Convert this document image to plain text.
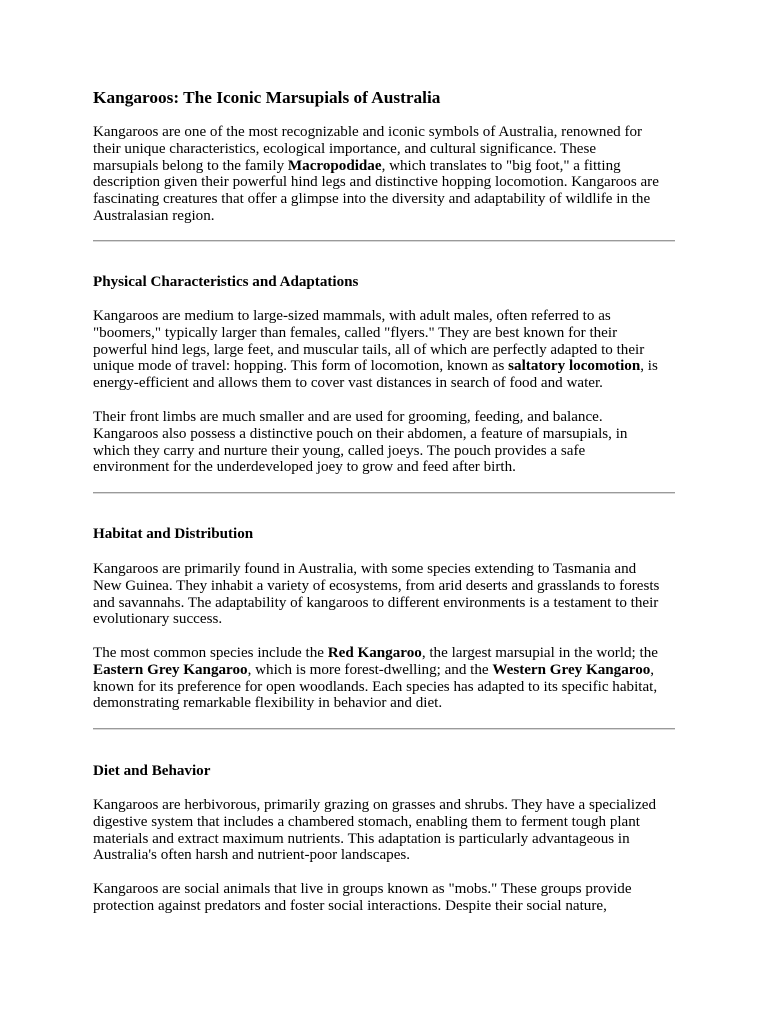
Kangaroos: The Iconic Marsupials of Australia

Kangaroos are one of the most recognizable and iconic symbols of Australia, renowned for
their unique characteristics, ecological importance, and cultural significance. These
marsupials belong to the family Macropodidae, which translates to "big foot," a fitting
description given their powerful hind legs and distinctive hopping locomotion. Kangaroos are
fascinating creatures that offer a glimpse into the diversity and adaptability of wildlife in the
Australasian region.

Physical Characteristics and Adaptations

Kangaroos are medium to large-sized mammals, with adult males, often referred to as
"boomers," typically larger than females, called "flyers." They are best known for their
powerful hind legs, large feet, and muscular tails, all of which are perfectly adapted to their
unique mode of travel: hopping. This form of locomotion, known as saltatory locomotion, is
energy-efficient and allows them to cover vast distances in search of food and water.

Their front limbs are much smaller and are used for grooming, feeding, and balance.
Kangaroos also possess a distinctive pouch on their abdomen, a feature of marsupials, in
which they carry and nurture their young, called joeys. The pouch provides a safe
environment for the underdeveloped joey to grow and feed after birth.

Habitat and Distribution

Kangaroos are primarily found in Australia, with some species extending to Tasmania and
New Guinea. They inhabit a variety of ecosystems, from arid deserts and grasslands to forests
and savannahs. The adaptability of kangaroos to different environments is a testament to their
evolutionary success.

The most common species include the Red Kangaroo, the largest marsupial in the world; the
Eastern Grey Kangaroo, which is more forest-dwelling; and the Western Grey Kangaroo,
known for its preference for open woodlands. Each species has adapted to its specific habitat,
demonstrating remarkable flexibility in behavior and diet.

Diet and Behavior

Kangaroos are herbivorous, primarily grazing on grasses and shrubs. They have a specialized
digestive system that includes a chambered stomach, enabling them to ferment tough plant
materials and extract maximum nutrients. This adaptation is particularly advantageous in
Australia's often harsh and nutrient-poor landscapes.

Kangaroos are social animals that live in groups known as "mobs." These groups provide
protection against predators and foster social interactions. Despite their social nature,
